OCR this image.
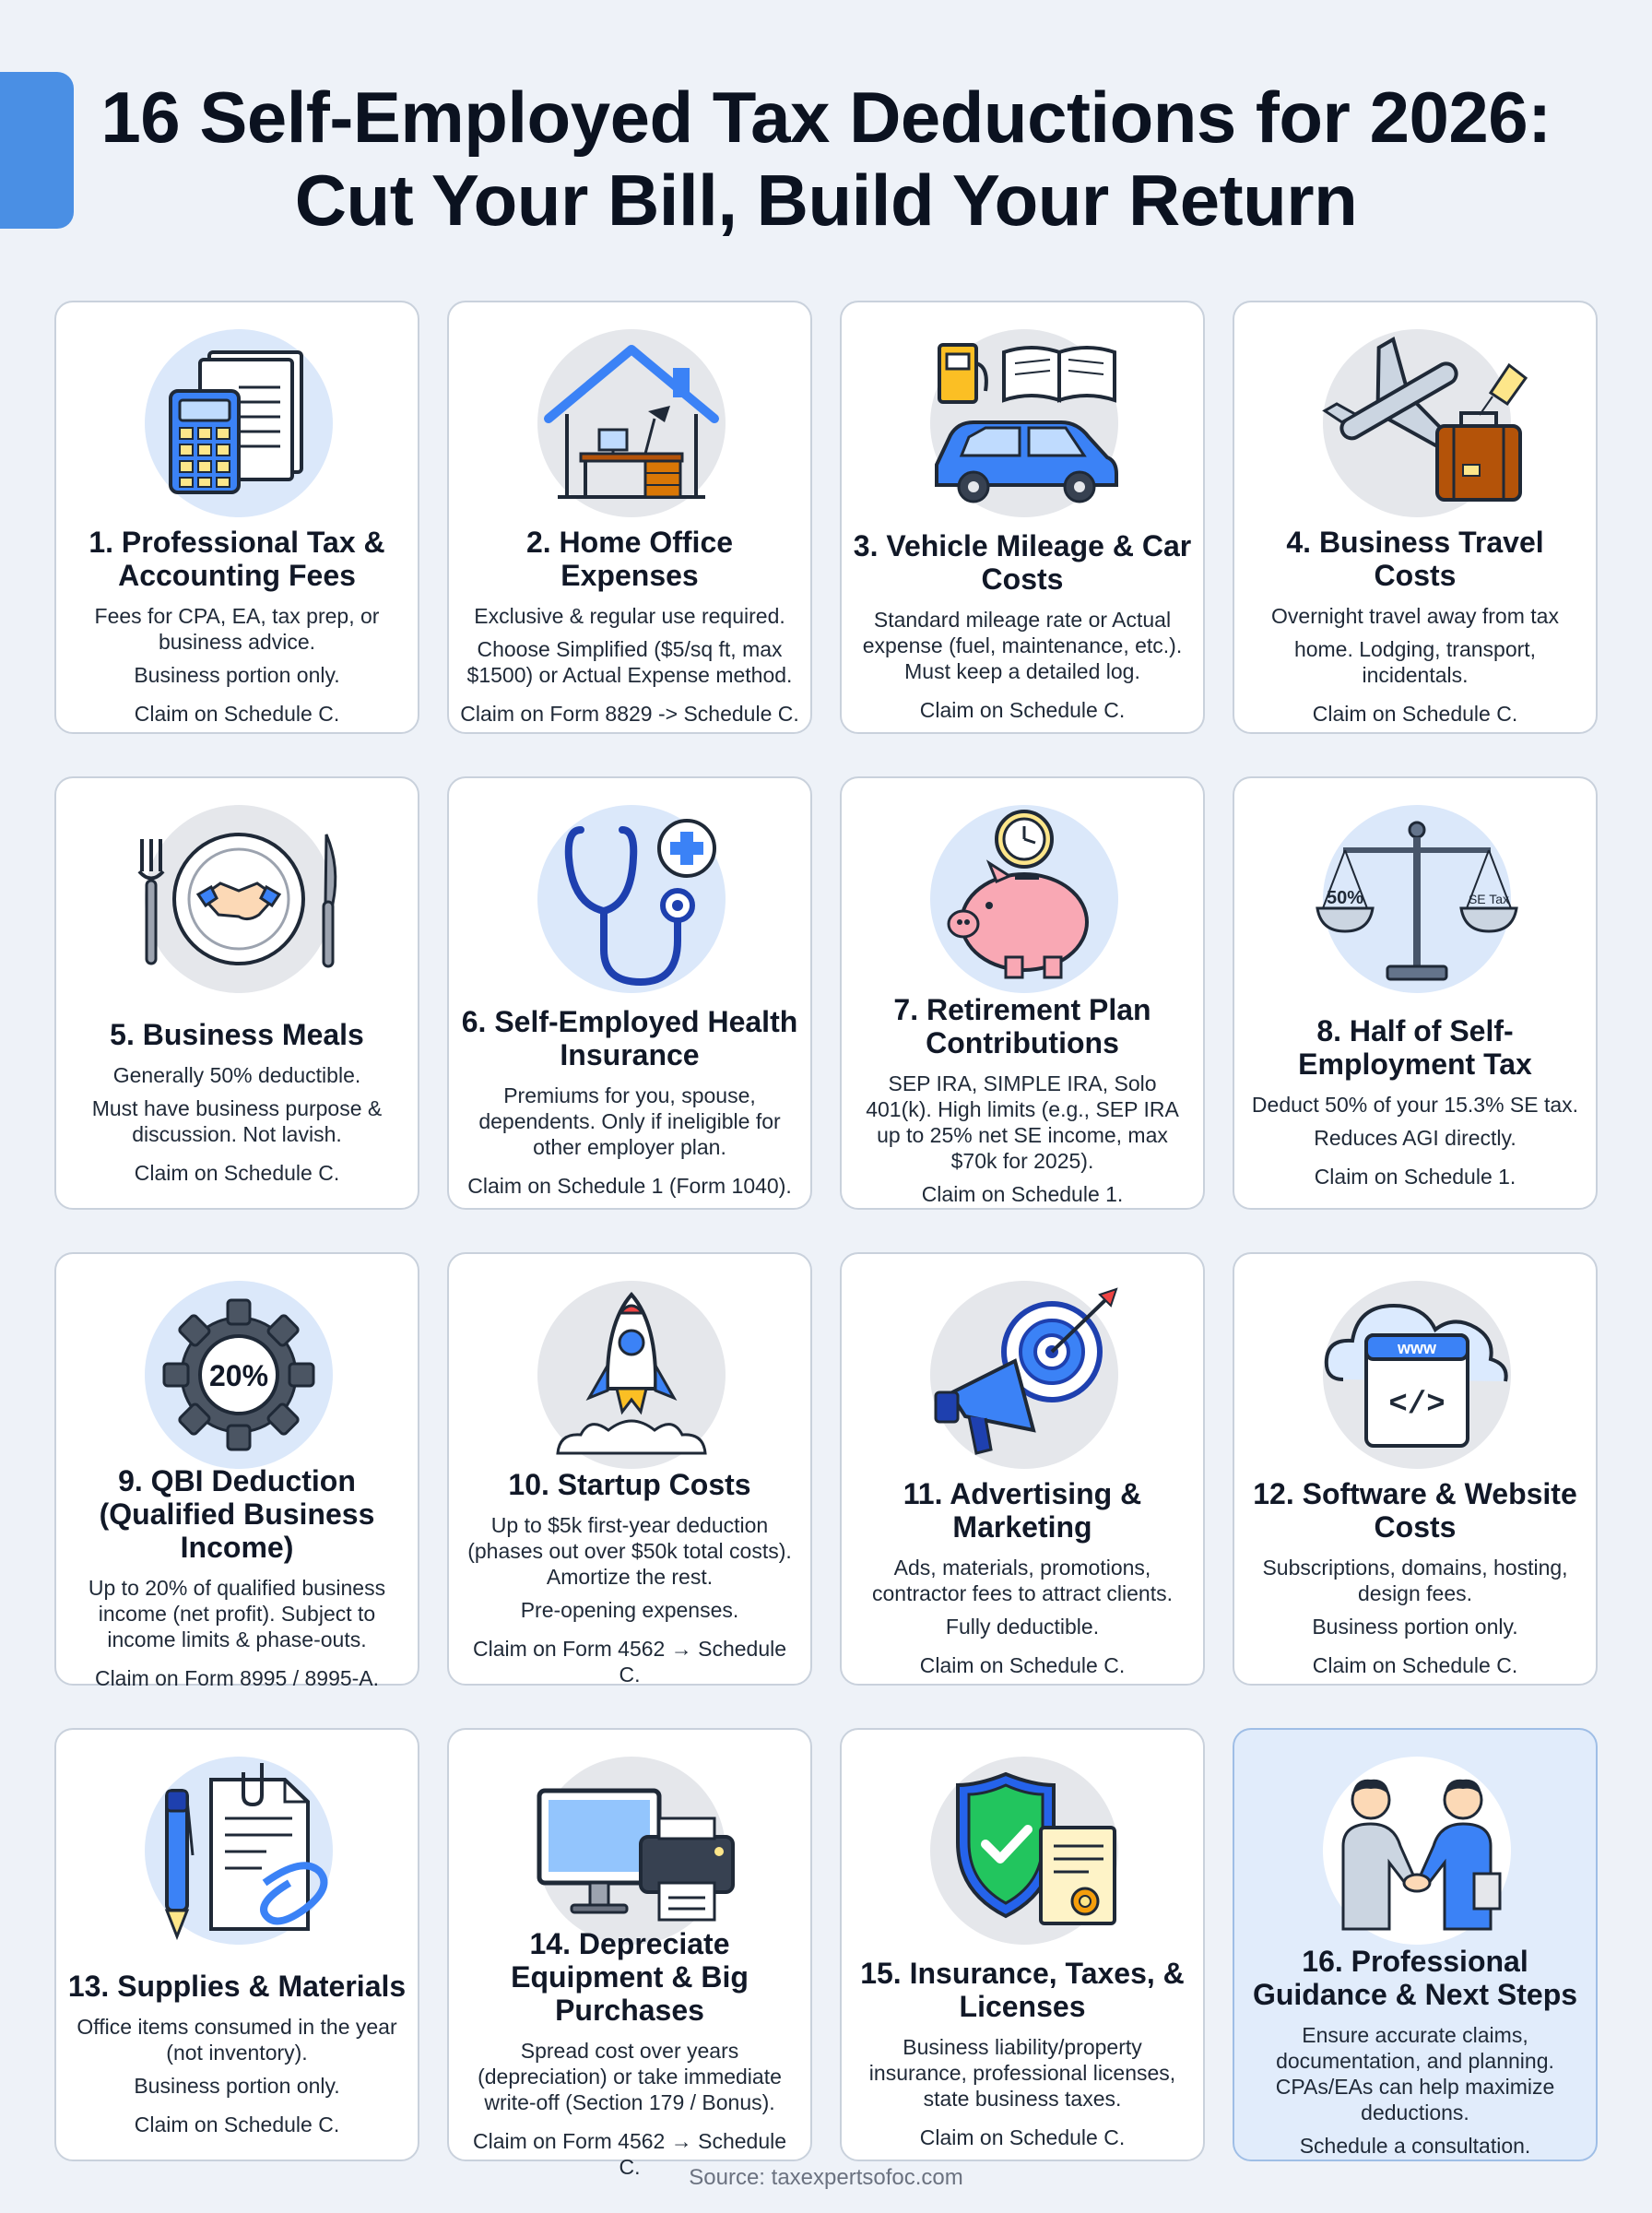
16 Self-Employed Tax Deductions for 2026:
Cut Your Bill, Build Your Return
1. Professional Tax & Accounting Fees
Fees for CPA, EA, tax prep, or business advice.
Business portion only.
Claim on Schedule C.
2. Home Office Expenses
Exclusive & regular use required.
Choose Simplified ($5/sq ft, max $1500) or Actual Expense method.
Claim on Form 8829 -> Schedule C.
3. Vehicle Mileage & Car Costs
Standard mileage rate or Actual expense (fuel, maintenance, etc.). Must keep a detailed log.
Claim on Schedule C.
4. Business Travel Costs
Overnight travel away from tax
home. Lodging, transport, incidentals.
Claim on Schedule C.
5. Business Meals
Generally 50% deductible.
Must have business purpose & discussion. Not lavish.
Claim on Schedule C.
6. Self-Employed Health Insurance
Premiums for you, spouse, dependents. Only if ineligible for other employer plan.
Claim on Schedule 1 (Form 1040).
7. Retirement Plan Contributions
SEP IRA, SIMPLE IRA, Solo 401(k). High limits (e.g., SEP IRA up to 25% net SE income, max $70k for 2025).
Claim on Schedule 1.
50%	SE Tax
8. Half of Self-Employment Tax
Deduct 50% of your 15.3% SE tax.
Reduces AGI directly.
Claim on Schedule 1.
20%
9. QBI Deduction (Qualified Business Income)
Up to 20% of qualified business income (net profit). Subject to income limits & phase-outs.
Claim on Form 8995 / 8995-A.
10. Startup Costs
Up to $5k first-year deduction (phases out over $50k total costs). Amortize the rest.
Pre-opening expenses.
Claim on Form 4562 → Schedule C.
11. Advertising & Marketing
Ads, materials, promotions, contractor fees to attract clients.
Fully deductible.
Claim on Schedule C.
www
</>
12. Software & Website Costs
Subscriptions, domains, hosting, design fees.
Business portion only.
Claim on Schedule C.
13. Supplies & Materials
Office items consumed in the year (not inventory).
Business portion only.
Claim on Schedule C.
14. Depreciate Equipment & Big Purchases
Spread cost over years (depreciation) or take immediate write-off (Section 179 / Bonus).
Claim on Form 4562 → Schedule C.
15. Insurance, Taxes, & Licenses
Business liability/property insurance, professional licenses, state business taxes.
Claim on Schedule C.
16. Professional Guidance & Next Steps
Ensure accurate claims, documentation, and planning. CPAs/EAs can help maximize deductions.
Schedule a consultation.
Source: taxexpertsofoc.com
